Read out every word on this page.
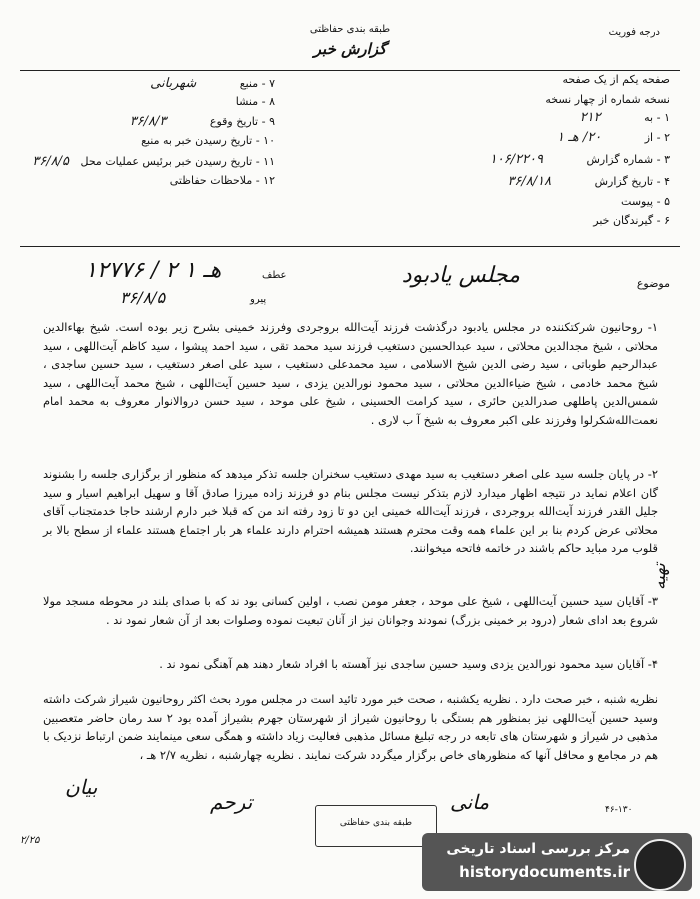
طبقه بندی حفاظتی
گزارش خبر
درجه فوریت
صفحه یکم از یک صفحه
نسخه شماره از چهار نسخه
۱ - به ۲۱۲
۲ - از ۲۰/ هـ ۱
۳ - شماره گزارش ۱۰۶/۲۲۰۹
۴ - تاریخ گزارش ۳۶/۸/۱۸
۵ - پیوست
۶ - گیرندگان خبر
۷ - منبع شهربانی
۸ - منشا
۹ - تاریخ وقوع ۳۶/۸/۳
۱۰ - تاریخ رسیدن خبر به منبع
۱۱ - تاریخ رسیدن خبر برئیس عملیات محل ۳۶/۸/۵
۱۲ - ملاحظات حفاظتی
موضوع
مجلس یادبود
عطف
پیرو
۱۲۷۷۶ / ۲ هـ ۱
۳۶/۸/۵
۱- روحانیون شرکتکننده در مجلس یادبود درگذشت فرزند آیت‌الله بروجردی وفرزند خمینی بشرح زیر بوده است. شیخ بهاءالدین محلاتی ، شیخ مجدالدین محلاتی ، سید عبدالحسین دستغیب فرزند سید محمد تقی ، سید احمد پیشوا ، سید کاظم آیت‌اللهی ، سید عبدالرحیم طوباتی ، سید رضی الدین شیخ الاسلامی ، سید محمدعلی دستغیب ، سید علی اصغر دستغیب ، سید حسین ساجدی ، شیخ محمد خادمی ، شیخ ضیاءالدین محلاتی ، سید محمود نورالدین یزدی ، سید حسین آیت‌اللهی ، شیخ محمد آیت‌اللهی ، سید شمس‌الدین پاطلهی صدرالدین حائری ، سید کرامت الحسینی ، شیخ علی موحد ، سید حسن دروالانوار معروف به محمد امام نعمت‌الله‌شکرلوا وفرزند علی اکبر معروف به شیخ آ ب لاری .
۲- در پایان جلسه سید علی اصغر دستغیب به سید مهدی دستغیب سخنران جلسه تذکر میدهد که منظور از برگزاری جلسه را بشنوند گان اعلام نماید در نتیجه اظهار میدارد لازم بتذکر نیست مجلس بنام دو فرزند زاده میرزا صادق آقا و سهیل ابراهیم اسیار و سید جلیل القدر فرزند آیت‌الله بروجردی ، فرزند آیت‌الله خمینی این دو تا زود رفته اند من که قبلا خبر دارم ارشند حاجا خدمتجناب آقای محلاتی عرض کردم بنا بر این علماء همه وقت محترم هستند همیشه احترام دارند علماء هر بار اجتماع هستند علماء از سطح بالا بر قلوب مرد مباید حاکم باشند در خاتمه فاتحه میخوانند.
۳- آقایان سید حسین آیت‌اللهی ، شیخ علی موحد ، جعفر مومن نصب ، اولین کسانی بود ند که با صدای بلند در محوطه مسجد مولا شروع بعد ادای شعار (درود بر خمینی بزرگ) نمودند وجوانان نیز از آنان تبعیت نموده وصلوات بعد از آن شعار نمود ند .
۴- آقایان سید محمود نورالدین یزدی وسید حسین ساجدی نیز آهسته با افراد شعار دهند هم آهنگی نمود ند .
نظریه شنبه ، خبر صحت دارد . نظریه یکشنبه ، صحت خبر مورد تائید است در مجلس مورد بحث اکثر روحانیون شیراز شرکت داشته وسید حسین آیت‌اللهی نیز بمنظور هم بستگی با روحانیون شیراز از شهرستان جهرم بشیراز آمده بود ۲ سد رمان حاضر متعصبین مذهبی در شیراز و شهرستان های تابعه در رجه تبلیغ مسائل مذهبی فعالیت زیاد داشته و همگی سعی مینمایند ضمن ارتباط نزدیک با هم در مجامع و محافل آنها که منظورهای خاص برگزار میگردد شرکت نمایند . نظریه چهارشنبه ، نظریه ۲/۷ هـ ،
تهیه
بیان
ترحم	مانی
طبقه بندی حفاظتی
۴۶-۱۳۰
۲/۲۵
مرکز بررسی اسناد تاریخی
historydocuments.ir
